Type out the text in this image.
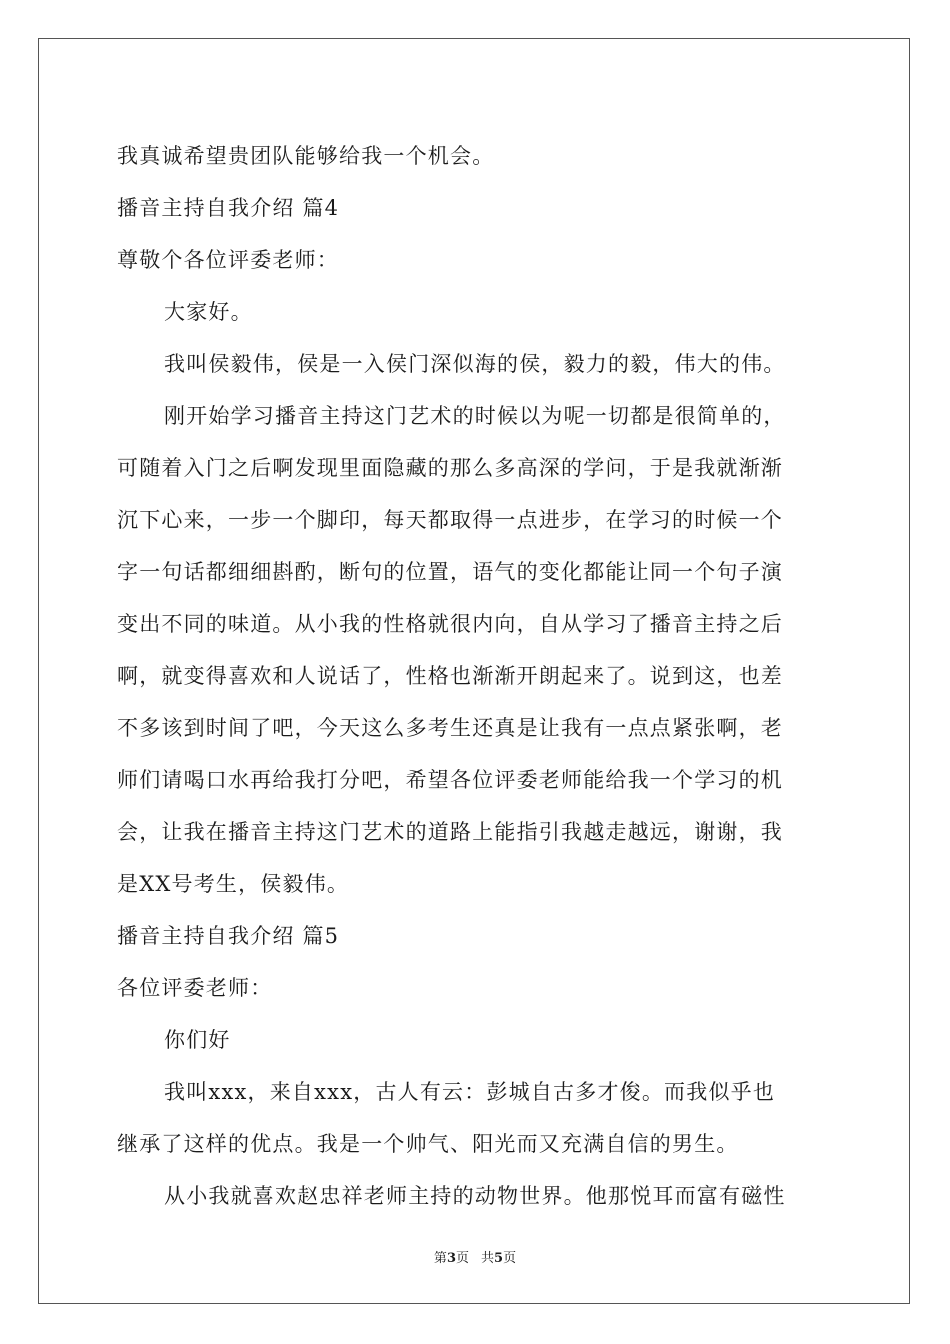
我真诚希望贵团队能够给我一个机会。
播音主持自我介绍 篇4
尊敬个各位评委老师：
大家好。
我叫侯毅伟，侯是一入侯门深似海的侯，毅力的毅，伟大的伟。
刚开始学习播音主持这门艺术的时候以为呢一切都是很简单的，
可随着入门之后啊发现里面隐藏的那么多高深的学问，于是我就渐渐
沉下心来，一步一个脚印，每天都取得一点进步，在学习的时候一个
字一句话都细细斟酌，断句的位置，语气的变化都能让同一个句子演
变出不同的味道。从小我的性格就很内向，自从学习了播音主持之后
啊，就变得喜欢和人说话了，性格也渐渐开朗起来了。说到这，也差
不多该到时间了吧，今天这么多考生还真是让我有一点点紧张啊，老
师们请喝口水再给我打分吧，希望各位评委老师能给我一个学习的机
会，让我在播音主持这门艺术的道路上能指引我越走越远，谢谢，我
是XX号考生，侯毅伟。
播音主持自我介绍 篇5
各位评委老师：
你们好
我叫xxx，来自xxx，古人有云：彭城自古多才俊。而我似乎也
继承了这样的优点。我是一个帅气、阳光而又充满自信的男生。
从小我就喜欢赵忠祥老师主持的动物世界。他那悦耳而富有磁性
第3页 共5页
